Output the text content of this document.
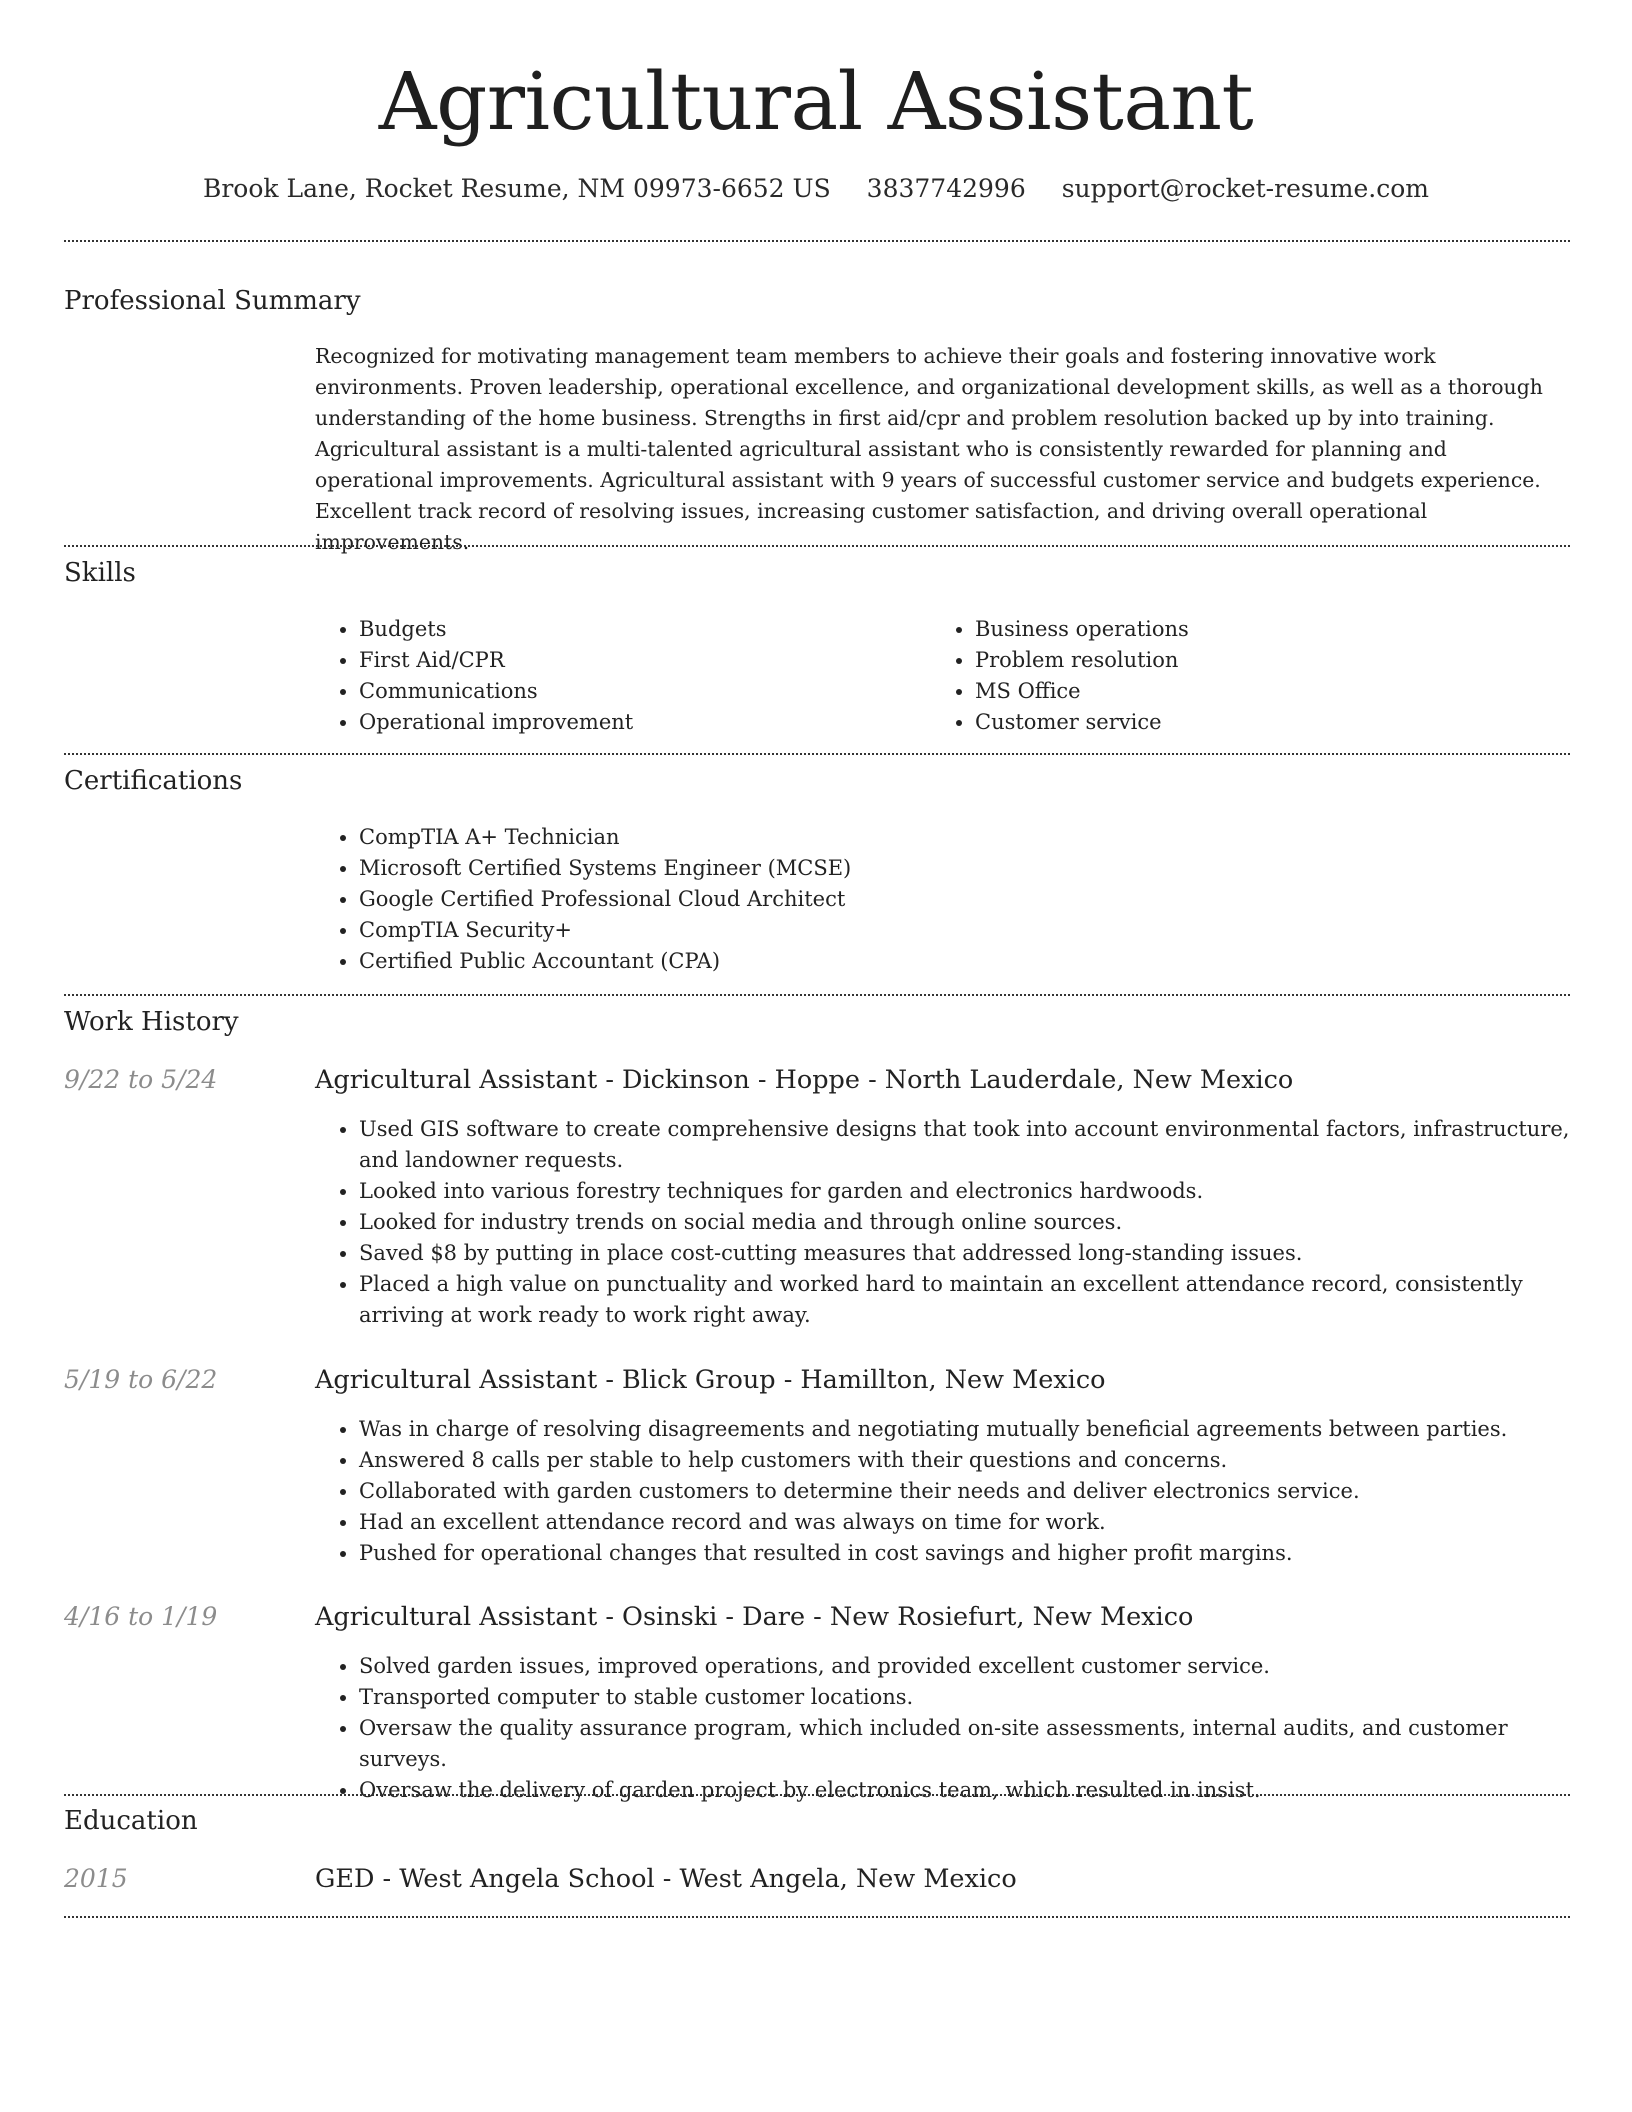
Agricultural Assistant
Brook Lane, Rocket Resume, NM 09973-6652 US 3837742996 support@rocket-resume.com
Professional Summary

Recognized for motivating management team members to achieve their goals and fostering innovative work environments. Proven leadership, operational excellence, and organizational development skills, as well as a thorough understanding of the home business. Strengths in first aid/cpr and problem resolution backed up by into training. Agricultural assistant is a multi-talented agricultural assistant who is consistently rewarded for planning and operational improvements. Agricultural assistant with 9 years of successful customer service and budgets experience. Excellent track record of resolving issues, increasing customer satisfaction, and driving overall operational improvements.

Skills
• Budgets
• First Aid/CPR
• Communications
• Operational improvement
• Business operations
• Problem resolution
• MS Office
• Customer service
Certifications
• CompTIA A+ Technician
• Microsoft Certified Systems Engineer (MCSE)
• Google Certified Professional Cloud Architect
• CompTIA Security+
• Certified Public Accountant (CPA)
Work History
9/22 to 5/24	Agricultural Assistant - Dickinson - Hoppe - North Lauderdale, New Mexico
• Used GIS software to create comprehensive designs that took into account environmental factors, infrastructure, and landowner requests.
• Looked into various forestry techniques for garden and electronics hardwoods.
• Looked for industry trends on social media and through online sources.
• Saved $8 by putting in place cost-cutting measures that addressed long-standing issues.
• Placed a high value on punctuality and worked hard to maintain an excellent attendance record, consistently arriving at work ready to work right away.
5/19 to 6/22	Agricultural Assistant - Blick Group - Hamillton, New Mexico
• Was in charge of resolving disagreements and negotiating mutually beneficial agreements between parties.
• Answered 8 calls per stable to help customers with their questions and concerns.
• Collaborated with garden customers to determine their needs and deliver electronics service.
• Had an excellent attendance record and was always on time for work.
• Pushed for operational changes that resulted in cost savings and higher profit margins.
4/16 to 1/19	Agricultural Assistant - Osinski - Dare - New Rosiefurt, New Mexico
• Solved garden issues, improved operations, and provided excellent customer service.
• Transported computer to stable customer locations.
• Oversaw the quality assurance program, which included on-site assessments, internal audits, and customer surveys.
• Oversaw the delivery of garden project by electronics team, which resulted in insist.
Education
2015	GED - West Angela School - West Angela, New Mexico
